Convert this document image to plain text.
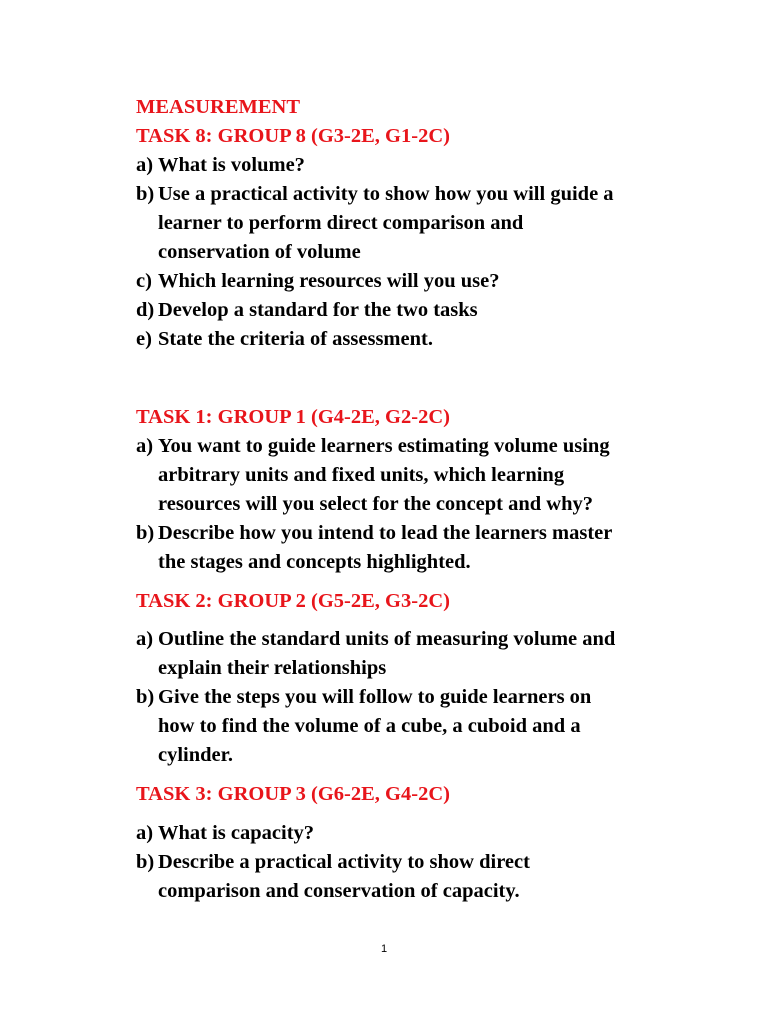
MEASUREMENT
TASK 8: GROUP 8 (G3-2E, G1-2C)
a) What is volume?
b) Use a practical activity to show how you will guide a
learner to perform direct comparison and
conservation of volume
c) Which learning resources will you use?
d) Develop a standard for the two tasks
e) State the criteria of assessment.
TASK 1: GROUP 1 (G4-2E, G2-2C)
a) You want to guide learners estimating volume using
arbitrary units and fixed units, which learning
resources will you select for the concept and why?
b) Describe how you intend to lead the learners master
the stages and concepts highlighted.
TASK 2: GROUP 2 (G5-2E, G3-2C)
a) Outline the standard units of measuring volume and
explain their relationships
b) Give the steps you will follow to guide learners on
how to find the volume of a cube, a cuboid and a
cylinder.
TASK 3: GROUP 3 (G6-2E, G4-2C)
a) What is capacity?
b) Describe a practical activity to show direct
comparison and conservation of capacity.
1
